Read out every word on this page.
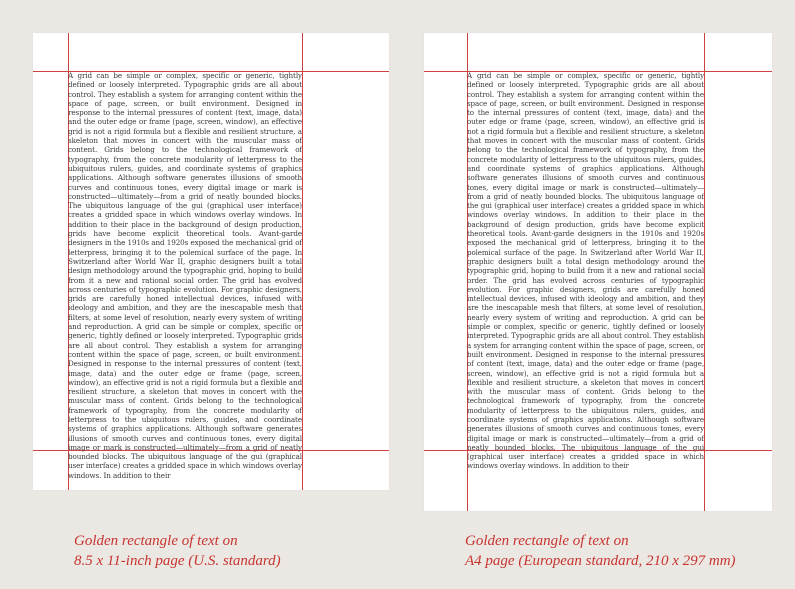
A grid can be simple or complex, specific or generic, tightly defined or loosely interpreted. Typographic grids are all about control. They establish a system for arranging content within the space of page, screen, or built environment. Designed in response to the internal pressures of content (text, image, data) and the outer edge or frame (page, screen, window), an effective grid is not a rigid formula but a flexible and resilient structure, a skeleton that moves in concert with the muscular mass of content. Grids belong to the technological framework of typography, from the concrete modularity of letterpress to the ubiquitous rulers, guides, and coordinate systems of graphics applications. Although software generates illusions of smooth curves and continuous tones, every digital image or mark is constructed—ultimately—from a grid of neatly bounded blocks. The ubiquitous language of the gui (graphical user interface) creates a gridded space in which windows overlay windows. In addition to their place in the background of design production, grids have become explicit theoretical tools. Avant-garde designers in the 1910s and 1920s exposed the mechanical grid of letterpress, bringing it to the polemical surface of the page. In Switzerland after World War II, graphic designers built a total design methodology around the typographic grid, hoping to build from it a new and rational social order. The grid has evolved across centuries of typographic evolution. For graphic designers, grids are carefully honed intellectual devices, infused with ideology and ambition, and they are the inescapable mesh that filters, at some level of resolution, nearly every system of writing and reproduction. A grid can be simple or complex, specific or generic, tightly defined or loosely interpreted. Typographic grids are all about control. They establish a system for arranging content within the space of page, screen, or built environment. Designed in response to the internal pressures of content (text, image, data) and the outer edge or frame (page, screen, window), an effective grid is not a rigid formula but a flexible and resilient structure, a skeleton that moves in concert with the muscular mass of content. Grids belong to the technological framework of typography, from the concrete modularity of letterpress to the ubiquitous rulers, guides, and coordinate systems of graphics applications. Although software generates illusions of smooth curves and continuous tones, every digital image or mark is constructed—ultimately—from a grid of neatly bounded blocks. The ubiquitous language of the gui (graphical user interface) creates a gridded space in which windows overlay windows. In addition to their
A grid can be simple or complex, specific or generic, tightly defined or loosely interpreted. Typographic grids are all about control. They establish a system for arranging content within the space of page, screen, or built environment. Designed in response to the internal pressures of content (text, image, data) and the outer edge or frame (page, screen, window), an effective grid is not a rigid formula but a flexible and resilient structure, a skeleton that moves in concert with the muscular mass of content. Grids belong to the technological framework of typography, from the concrete modularity of letterpress to the ubiquitous rulers, guides, and coordinate systems of graphics applications. Although software generates illusions of smooth curves and continuous tones, every digital image or mark is constructed—ultimately—from a grid of neatly bounded blocks. The ubiquitous language of the gui (graphical user interface) creates a gridded space in which windows overlay windows. In addition to their place in the background of design production, grids have become explicit theoretical tools. Avant-garde designers in the 1910s and 1920s exposed the mechanical grid of letterpress, bringing it to the polemical surface of the page. In Switzerland after World War II, graphic designers built a total design methodology around the typographic grid, hoping to build from it a new and rational social order. The grid has evolved across centuries of typographic evolution. For graphic designers, grids are carefully honed intellectual devices, infused with ideology and ambition, and they are the inescapable mesh that filters, at some level of resolution, nearly every system of writing and reproduction. A grid can be simple or complex, specific or generic, tightly defined or loosely interpreted. Typographic grids are all about control. They establish a system for arranging content within the space of page, screen, or built environment. Designed in response to the internal pressures of content (text, image, data) and the outer edge or frame (page, screen, window), an effective grid is not a rigid formula but a flexible and resilient structure, a skeleton that moves in concert with the muscular mass of content. Grids belong to the technological framework of typography, from the concrete modularity of letterpress to the ubiquitous rulers, guides, and coordinate systems of graphics applications. Although software generates illusions of smooth curves and continuous tones, every digital image or mark is constructed—ultimately—from a grid of neatly bounded blocks. The ubiquitous language of the gui (graphical user interface) creates a gridded space in which windows overlay windows. In addition to their
Golden rectangle of text on
8.5 x 11-inch page (U.S. standard)
Golden rectangle of text on
A4 page (European standard, 210 x 297 mm)
